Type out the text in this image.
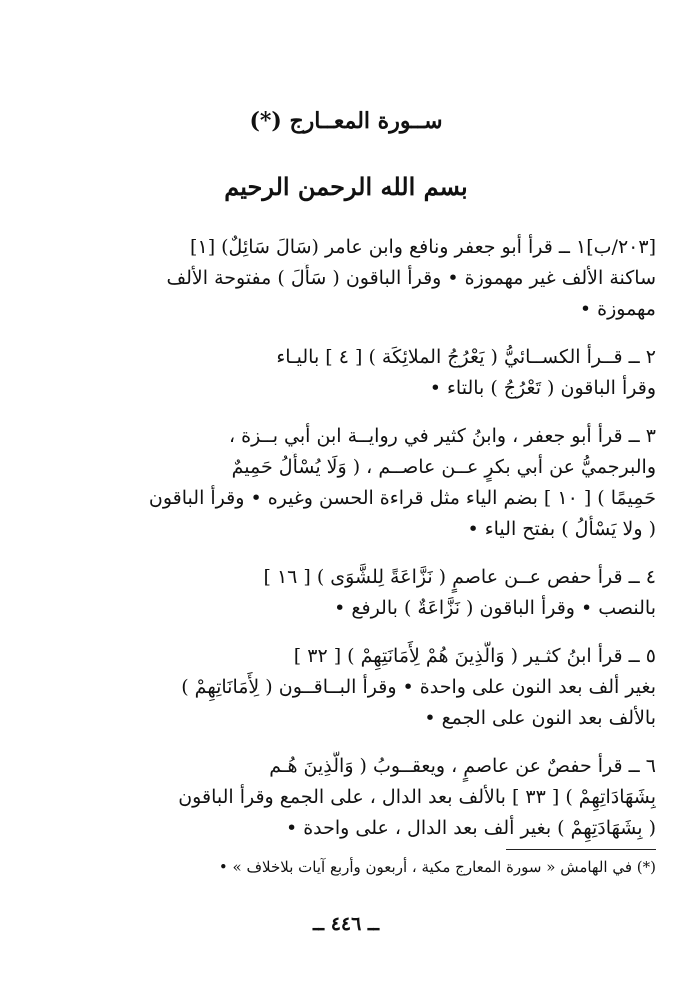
ســورة المعــارج (*)
بسم الله الرحمن الرحيم
[٢٠٣/ب]١ ــ قرأ أبو جعفر ونافع وابن عامر (سَالَ سَائِلٌ) [١]
ساكنة الألف غير مهموزة • وقرأ الباقون ( سَأَلَ ) مفتوحة الألف
مهموزة •
٢ ــ قــرأ الكســائيُّ ( يَعْرُجُ الملائِكَة ) [ ٤ ] باليـاء
وقرأ الباقون ( تَعْرُجُ ) بالتاء •
٣ ــ قرأ أبو جعفر ، وابنُ كثير في روايــة ابن أبي بــزة ،
والبرجميُّ عن أبي بكرٍ عــن عاصــم ، ( وَلَا يُسْأَلُ حَمِيمٌ
حَمِيمًا ) [ ١٠ ] بضم الياء مثل قراءة الحسن وغيره • وقرأ الباقون
( ولا يَسْأَلُ ) بفتح الياء •
٤ ــ قرأ حفص عــن عاصمٍ ( نَزَّاعَةً لِلشَّوَى ) [ ١٦ ]
بالنصب • وقرأ الباقون ( نَزَّاعَةٌ ) بالرفع •
٥ ــ قرأ ابنُ كثـير ( وَالَّذِينَ هُمْ لِأَمَانَتِهِمْ ) [ ٣٢ ]
بغير ألف بعد النون على واحدة • وقرأ البــاقــون ( لِأَمَانَاتِهِمْ )
بالألف بعد النون على الجمع •
٦ ــ قرأ حفصٌ عن عاصمٍ ، ويعقــوبُ ( وَالَّذِينَ هُـم
بِشَهَادَاتِهِمْ ) [ ٣٣ ] بالألف بعد الدال ، على الجمع وقرأ الباقون
( بِشَهَادَتِهِمْ ) بغير ألف بعد الدال ، على واحدة •
(*) في الهامش « سورة المعارج مكية ، أربعون وأربع آيات بلاخلاف » •
ــ ٤٤٦ ــ
